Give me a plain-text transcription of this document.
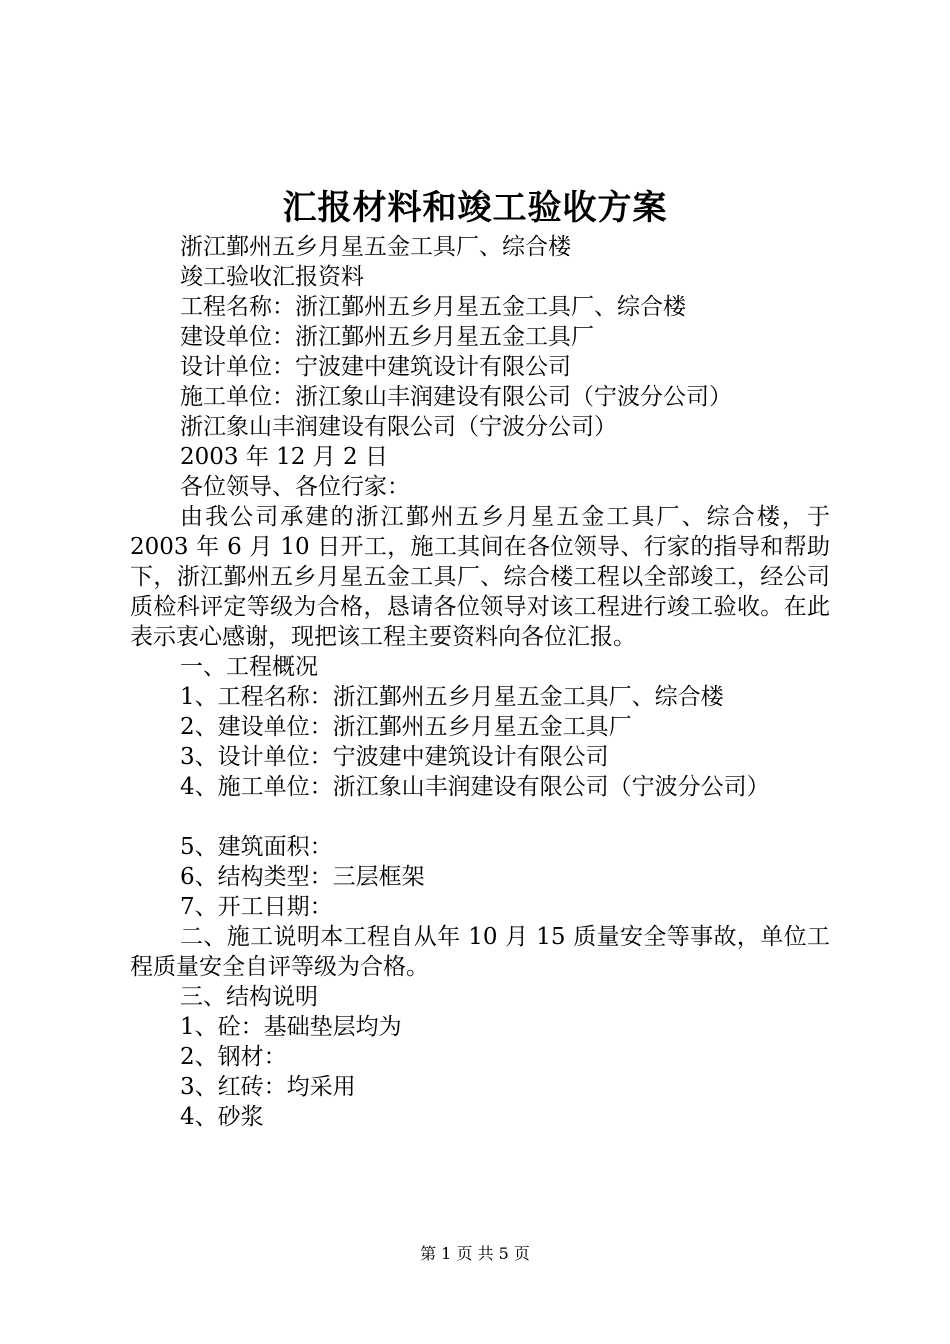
汇报材料和竣工验收方案
浙江鄞州五乡月星五金工具厂、综合楼
竣工验收汇报资料
工程名称：浙江鄞州五乡月星五金工具厂、综合楼
建设单位：浙江鄞州五乡月星五金工具厂
设计单位：宁波建中建筑设计有限公司
施工单位：浙江象山丰润建设有限公司（宁波分公司）
浙江象山丰润建设有限公司（宁波分公司）
2003 年 12 月 2 日
各位领导、各位行家：
由我公司承建的浙江鄞州五乡月星五金工具厂、综合楼，于 2003 年 6 月 10 日开工，施工其间在各位领导、行家的指导和帮助下，浙江鄞州五乡月星五金工具厂、综合楼工程以全部竣工，经公司质检科评定等级为合格，恳请各位领导对该工程进行竣工验收。在此表示衷心感谢，现把该工程主要资料向各位汇报。
一、工程概况
1、工程名称：浙江鄞州五乡月星五金工具厂、综合楼
2、建设单位：浙江鄞州五乡月星五金工具厂
3、设计单位：宁波建中建筑设计有限公司
4、施工单位：浙江象山丰润建设有限公司（宁波分公司）
5、建筑面积：
6、结构类型：三层框架
7、开工日期：
二、施工说明本工程自从年 10 月 15 质量安全等事故，单位工程质量安全自评等级为合格。
三、结构说明
1、砼：基础垫层均为
2、钢材：
3、红砖：均采用
4、砂浆
第 1 页 共 5 页
